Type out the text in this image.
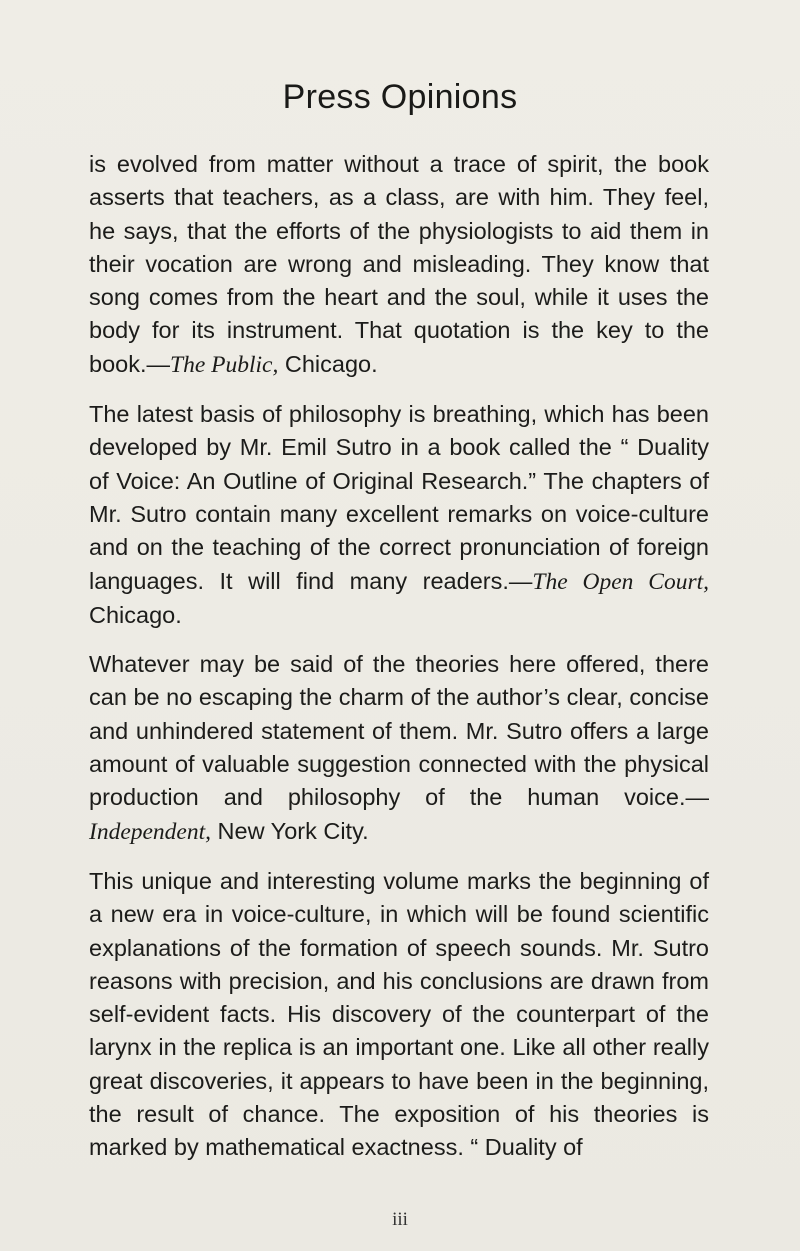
Press Opinions

is evolved from matter without a trace of spirit, the book asserts that teachers, as a class, are with him. They feel, he says, that the efforts of the physiologists to aid them in their vocation are wrong and misleading. They know that song comes from the heart and the soul, while it uses the body for its instrument. That quotation is the key to the book.—The Public, Chicago.

The latest basis of philosophy is breathing, which has been developed by Mr. Emil Sutro in a book called the “ Duality of Voice: An Outline of Original Research.” The chapters of Mr. Sutro contain many excellent remarks on voice-culture and on the teaching of the correct pronunciation of foreign languages. It will find many readers.—The Open Court, Chicago.

Whatever may be said of the theories here offered, there can be no escaping the charm of the author’s clear, concise and unhindered statement of them. Mr. Sutro offers a large amount of valuable suggestion connected with the physical production and philosophy of the human voice.—Independent, New York City.

This unique and interesting volume marks the beginning of a new era in voice-culture, in which will be found scientific explanations of the formation of speech sounds. Mr. Sutro reasons with precision, and his conclusions are drawn from self-evident facts. His discovery of the counterpart of the larynx in the replica is an important one. Like all other really great discoveries, it appears to have been in the beginning, the result of chance. The exposition of his theories is marked by mathematical exactness. “ Duality of

iii
